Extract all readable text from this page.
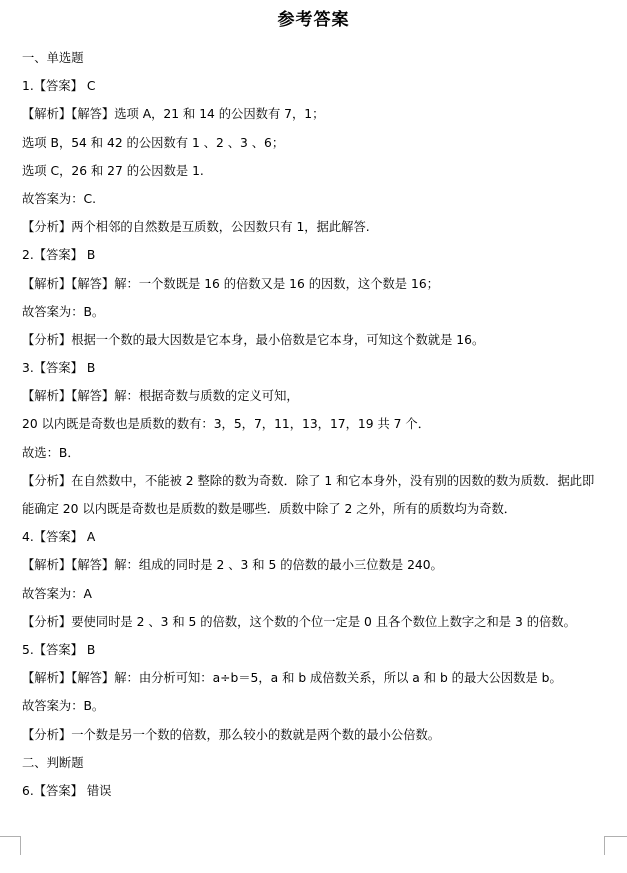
参考答案
一、单选题
1.【答案】 C
【解析】【解答】选项 A，21 和 14 的公因数有 7，1；
选项 B，54 和 42 的公因数有 1 、2 、3 、6；
选项 C，26 和 27 的公因数是 1.
故答案为：C.
【分析】两个相邻的自然数是互质数，公因数只有 1，据此解答.
2.【答案】 B
【解析】【解答】解：一个数既是 16 的倍数又是 16 的因数，这个数是 16；
故答案为：B。
【分析】根据一个数的最大因数是它本身，最小倍数是它本身，可知这个数就是 16。
3.【答案】 B
【解析】【解答】解：根据奇数与质数的定义可知，
20 以内既是奇数也是质数的数有：3，5，7，11，13，17，19 共 7 个．
故选：B．
【分析】在自然数中，不能被 2 整除的数为奇数．除了 1 和它本身外，没有别的因数的数为质数．据此即
能确定 20 以内既是奇数也是质数的数是哪些．质数中除了 2 之外，所有的质数均为奇数．
4.【答案】 A
【解析】【解答】解：组成的同时是 2 、3 和 5 的倍数的最小三位数是 240。
故答案为：A
【分析】要使同时是 2 、3 和 5 的倍数，这个数的个位一定是 0 且各个数位上数字之和是 3 的倍数。
5.【答案】 B
【解析】【解答】解：由分析可知：a÷b＝5，a 和 b 成倍数关系，所以 a 和 b 的最大公因数是 b。
故答案为：B。
【分析】一个数是另一个数的倍数，那么较小的数就是两个数的最小公倍数。
二、判断题
6.【答案】 错误
